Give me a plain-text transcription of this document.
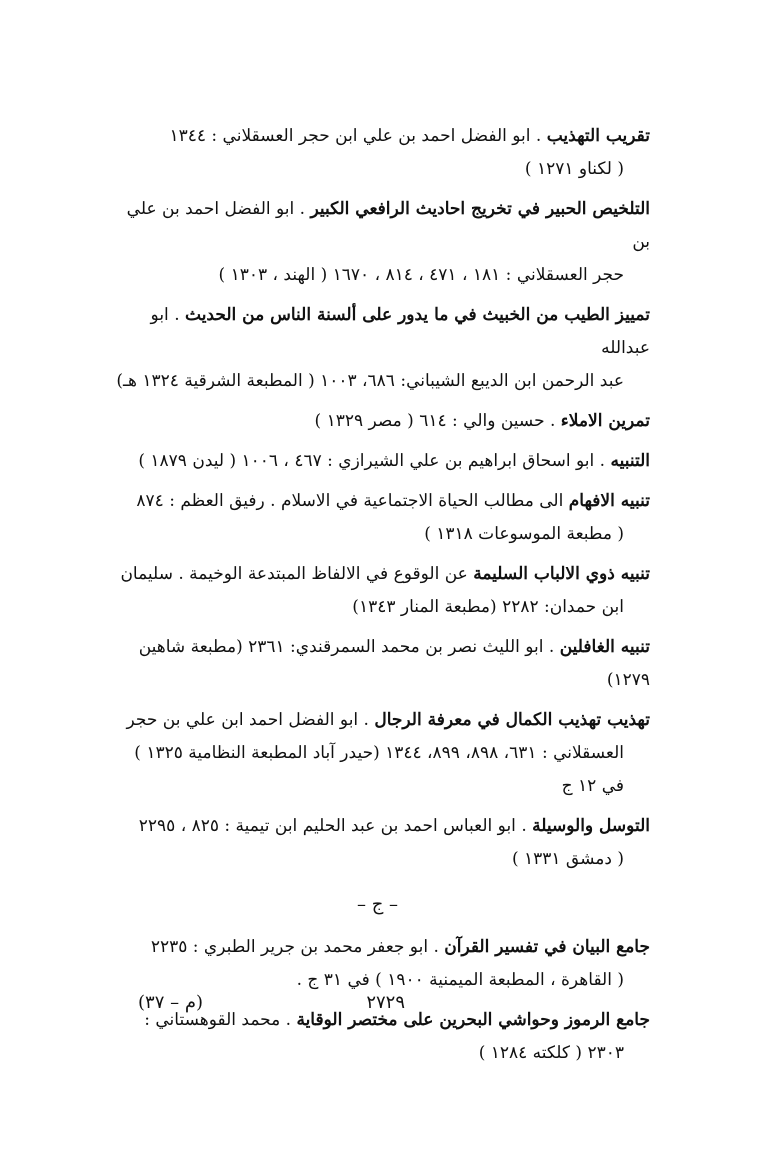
تقريب التهذيب . ابو الفضل احمد بن علي ابن حجر العسقلاني : ١٣٤٤
( لكناو ١٢٧١ )
التلخيص الحبير في تخريج احاديث الرافعي الكبير . ابو الفضل احمد بن علي بن
حجر العسقلاني : ١٨١ ، ٤٧١ ، ٨١٤ ، ١٦٧٠ ( الهند ، ١٣٠٣ )
تمييز الطيب من الخبيث في ما يدور على ألسنة الناس من الحديث . ابو عبدالله
عبد الرحمن ابن الديبع الشيباني: ٦٨٦، ١٠٠٣ ( المطبعة الشرقية ١٣٢٤ هـ)
تمرين الاملاء . حسين والي : ٦١٤ ( مصر ١٣٢٩ )
التنبيه . ابو اسحاق ابراهيم بن علي الشيرازي : ٤٦٧ ، ١٠٠٦ ( ليدن ١٨٧٩ )
تنبيه الافهام الى مطالب الحياة الاجتماعية في الاسلام . رفيق العظم : ٨٧٤
( مطبعة الموسوعات ١٣١٨ )
تنبيه ذوي الالباب السليمة عن الوقوع في الالفاظ المبتدعة الوخيمة . سليمان
ابن حمدان: ٢٢٨٢ (مطبعة المنار ١٣٤٣)
تنبيه الغافلين . ابو الليث نصر بن محمد السمرقندي: ٢٣٦١ (مطبعة شاهين ١٢٧٩)
تهذيب تهذيب الكمال في معرفة الرجال . ابو الفضل احمد ابن علي بن حجر
العسقلاني : ٦٣١، ٨٩٨، ٨٩٩، ١٣٤٤ (حيدر آباد المطبعة النظامية ١٣٢٥ )
في ١٢ ج
التوسل والوسيلة . ابو العباس احمد بن عبد الحليم ابن تيمية : ٨٢٥ ، ٢٢٩٥
( دمشق ١٣٣١ )
– ج –
جامع البيان في تفسير القرآن . ابو جعفر محمد بن جرير الطبري : ٢٢٣٥
( القاهرة ، المطبعة الميمنية ١٩٠٠ ) في ٣١ ج .
جامع الرموز وحواشي البحرين على مختصر الوقاية . محمد القوهستاني :
٢٣٠٣ ( كلكته ١٢٨٤ )
٢٧٢٩
(م – ٣٧)
